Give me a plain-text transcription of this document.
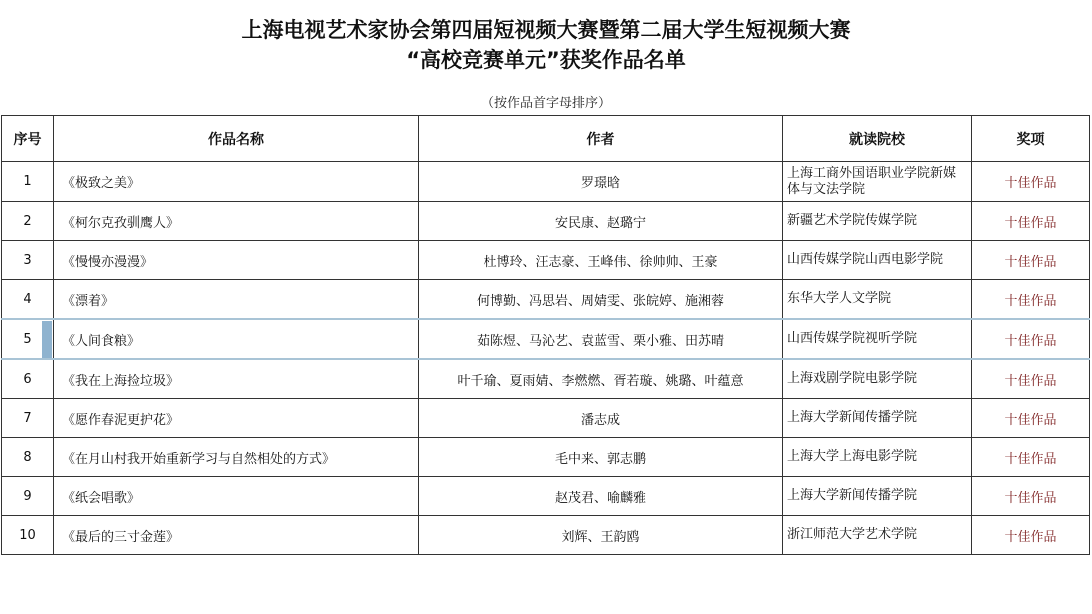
上海电视艺术家协会第四届短视频大赛暨第二届大学生短视频大赛
“高校竞赛单元”获奖作品名单
（按作品首字母排序）
序号	作品名称	作者	就读院校	奖项
1	《极致之美》	罗璟晗	上海工商外国语职业学院新媒体与文法学院	十佳作品
2	《柯尔克孜驯鹰人》	安民康、赵璐宁	新疆艺术学院传媒学院	十佳作品
3	《慢慢亦漫漫》	杜博玲、汪志豪、王峰伟、徐帅帅、王豪	山西传媒学院山西电影学院	十佳作品
4	《漂着》	何博勤、冯思岩、周婧雯、张皖婷、施湘蓉	东华大学人文学院	十佳作品
5	《人间食粮》	茹陈煜、马沁艺、袁蓝雪、栗小雅、田苏晴	山西传媒学院视听学院	十佳作品
6	《我在上海捡垃圾》	叶千瑜、夏雨婧、李燃燃、胥若璇、姚璐、叶蕴意	上海戏剧学院电影学院	十佳作品
7	《愿作春泥更护花》	潘志成	上海大学新闻传播学院	十佳作品
8	《在月山村我开始重新学习与自然相处的方式》	毛中来、郭志鹏	上海大学上海电影学院	十佳作品
9	《纸会唱歌》	赵茂君、喻麟雅	上海大学新闻传播学院	十佳作品
10	《最后的三寸金莲》	刘辉、王韵鸥	浙江师范大学艺术学院	十佳作品
